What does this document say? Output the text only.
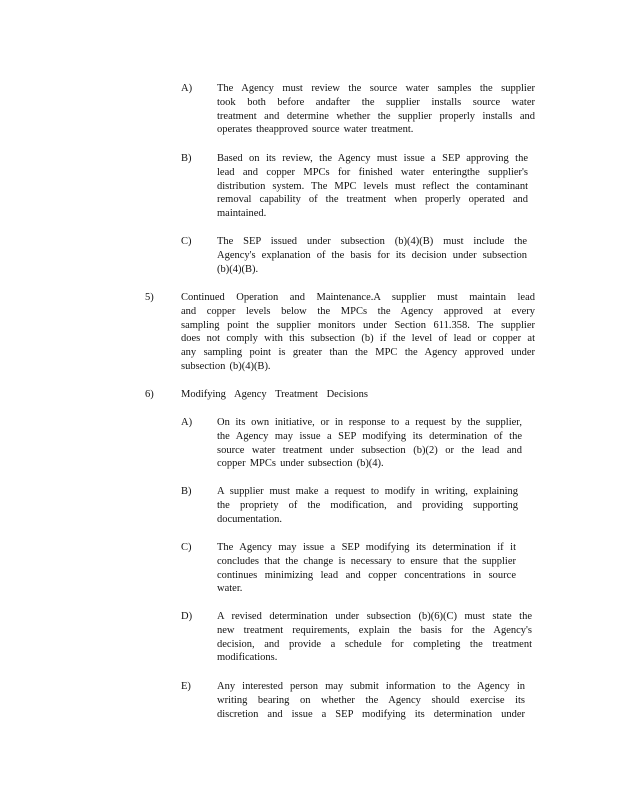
A) The Agency must review the source water samples the supplier
took both before andafter the supplier installs source water
treatment and determine whether the supplier properly installs and
operates theapproved source water treatment.
B) Based on its review, the Agency must issue a SEP approving the
lead and copper MPCs for finished water enteringthe supplier's
distribution system. The MPC levels must reflect the contaminant
removal capability of the treatment when properly operated and
maintained.
C) The SEP issued under subsection (b)(4)(B) must include the
Agency's explanation of the basis for its decision under subsection
(b)(4)(B).
5)	Continued Operation and Maintenance.A supplier must maintain lead
and copper levels below the MPCs the Agency approved at every
sampling point the supplier monitors under Section 611.358. The supplier
does not comply with this subsection (b) if the level of lead or copper at
any sampling point is greater than the MPC the Agency approved under
subsection (b)(4)(B).
6)	Modifying Agency Treatment Decisions
A) On its own initiative, or in response to a request by the supplier,
the Agency may issue a SEP modifying its determination of the
source water treatment under subsection (b)(2) or the lead and
copper MPCs under subsection (b)(4).
B) A supplier must make a request to modify in writing, explaining
the propriety of the modification, and providing supporting
documentation.
C) The Agency may issue a SEP modifying its determination if it
concludes that the change is necessary to ensure that the supplier
continues minimizing lead and copper concentrations in source
water.
D) A revised determination under subsection (b)(6)(C) must state the
new treatment requirements, explain the basis for the Agency's
decision, and provide a schedule for completing the treatment
modifications.
E) Any interested person may submit information to the Agency in
writing bearing on whether the Agency should exercise its
discretion and issue a SEP modifying its determination under
